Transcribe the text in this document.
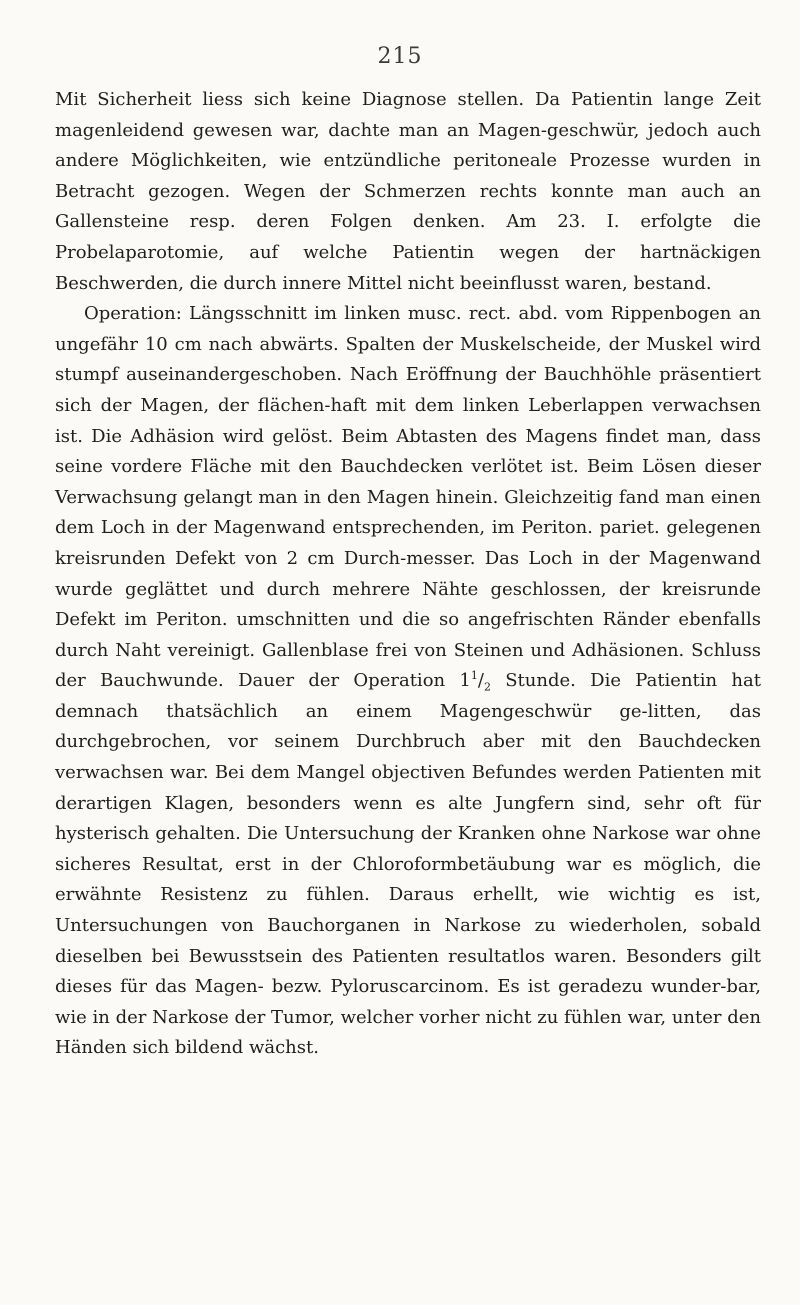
215

Mit Sicherheit liess sich keine Diagnose stellen. Da Patientin lange Zeit magenleidend gewesen war, dachte man an Magen-geschwür, jedoch auch andere Möglichkeiten, wie entzündliche peritoneale Prozesse wurden in Betracht gezogen. Wegen der Schmerzen rechts konnte man auch an Gallensteine resp. deren Folgen denken. Am 23. I. erfolgte die Probelaparotomie, auf welche Patientin wegen der hartnäckigen Beschwerden, die durch innere Mittel nicht beeinflusst waren, bestand.

Operation: Längsschnitt im linken musc. rect. abd. vom Rippenbogen an ungefähr 10 cm nach abwärts. Spalten der Muskelscheide, der Muskel wird stumpf auseinandergeschoben. Nach Eröffnung der Bauchhöhle präsentiert sich der Magen, der flächen-haft mit dem linken Leberlappen verwachsen ist. Die Adhäsion wird gelöst. Beim Abtasten des Magens findet man, dass seine vordere Fläche mit den Bauchdecken verlötet ist. Beim Lösen dieser Verwachsung gelangt man in den Magen hinein. Gleichzeitig fand man einen dem Loch in der Magenwand entsprechenden, im Periton. pariet. gelegenen kreisrunden Defekt von 2 cm Durch-messer. Das Loch in der Magenwand wurde geglättet und durch mehrere Nähte geschlossen, der kreisrunde Defekt im Periton. umschnitten und die so angefrischten Ränder ebenfalls durch Naht vereinigt. Gallenblase frei von Steinen und Adhäsionen. Schluss der Bauchwunde. Dauer der Operation $1^1/_2$ Stunde. Die Patientin hat demnach thatsächlich an einem Magengeschwür ge-litten, das durchgebrochen, vor seinem Durchbruch aber mit den Bauchdecken verwachsen war. Bei dem Mangel objectiven Befundes werden Patienten mit derartigen Klagen, besonders wenn es alte Jungfern sind, sehr oft für hysterisch gehalten. Die Untersuchung der Kranken ohne Narkose war ohne sicheres Resultat, erst in der Chloroformbetäubung war es möglich, die erwähnte Resistenz zu fühlen. Daraus erhellt, wie wichtig es ist, Untersuchungen von Bauchorganen in Narkose zu wiederholen, sobald dieselben bei Bewusstsein des Patienten resultatlos waren. Besonders gilt dieses für das Magen- bezw. Pyloruscarcinom. Es ist geradezu wunder-bar, wie in der Narkose der Tumor, welcher vorher nicht zu fühlen war, unter den Händen sich bildend wächst.
